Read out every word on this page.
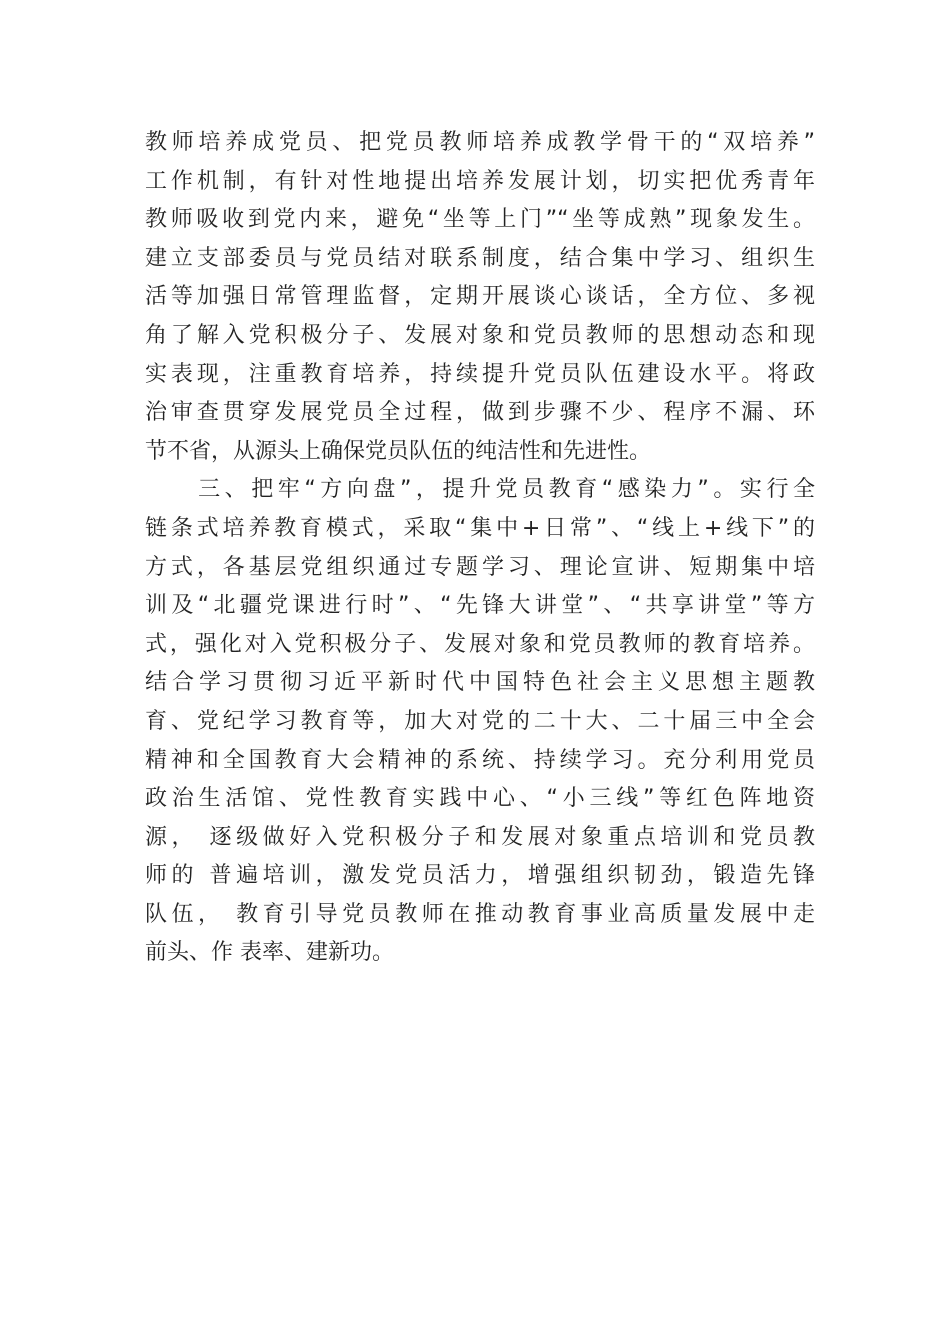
教师培养成党员、把党员教师培养成教学骨干的“双培养”
工作机制，有针对性地提出培养发展计划，切实把优秀青年
教师吸收到党内来，避免“坐等上门”“坐等成熟”现象发生。
建立支部委员与党员结对联系制度，结合集中学习、组织生
活等加强日常管理监督，定期开展谈心谈话，全方位、多视
角了解入党积极分子、发展对象和党员教师的思想动态和现
实表现，注重教育培养，持续提升党员队伍建设水平。将政
治审查贯穿发展党员全过程，做到步骤不少、程序不漏、环
节不省，从源头上确保党员队伍的纯洁性和先进性。
　　三、把牢“方向盘”，提升党员教育“感染力”。实行全
链条式培养教育模式，采取“集中+日常”、“线上+线下”的
方式，各基层党组织通过专题学习、理论宣讲、短期集中培
训及“北疆党课进行时”、“先锋大讲堂”、“共享讲堂”等方
式，强化对入党积极分子、发展对象和党员教师的教育培养。
结合学习贯彻习近平新时代中国特色社会主义思想主题教
育、党纪学习教育等，加大对党的二十大、二十届三中全会
精神和全国教育大会精神的系统、持续学习。充分利用党员
政治生活馆、党性教育实践中心、“小三线”等红色阵地资
源， 逐级做好入党积极分子和发展对象重点培训和党员教
师的 普遍培训，激发党员活力，增强组织韧劲，锻造先锋
队伍， 教育引导党员教师在推动教育事业高质量发展中走
前头、作 表率、建新功。
